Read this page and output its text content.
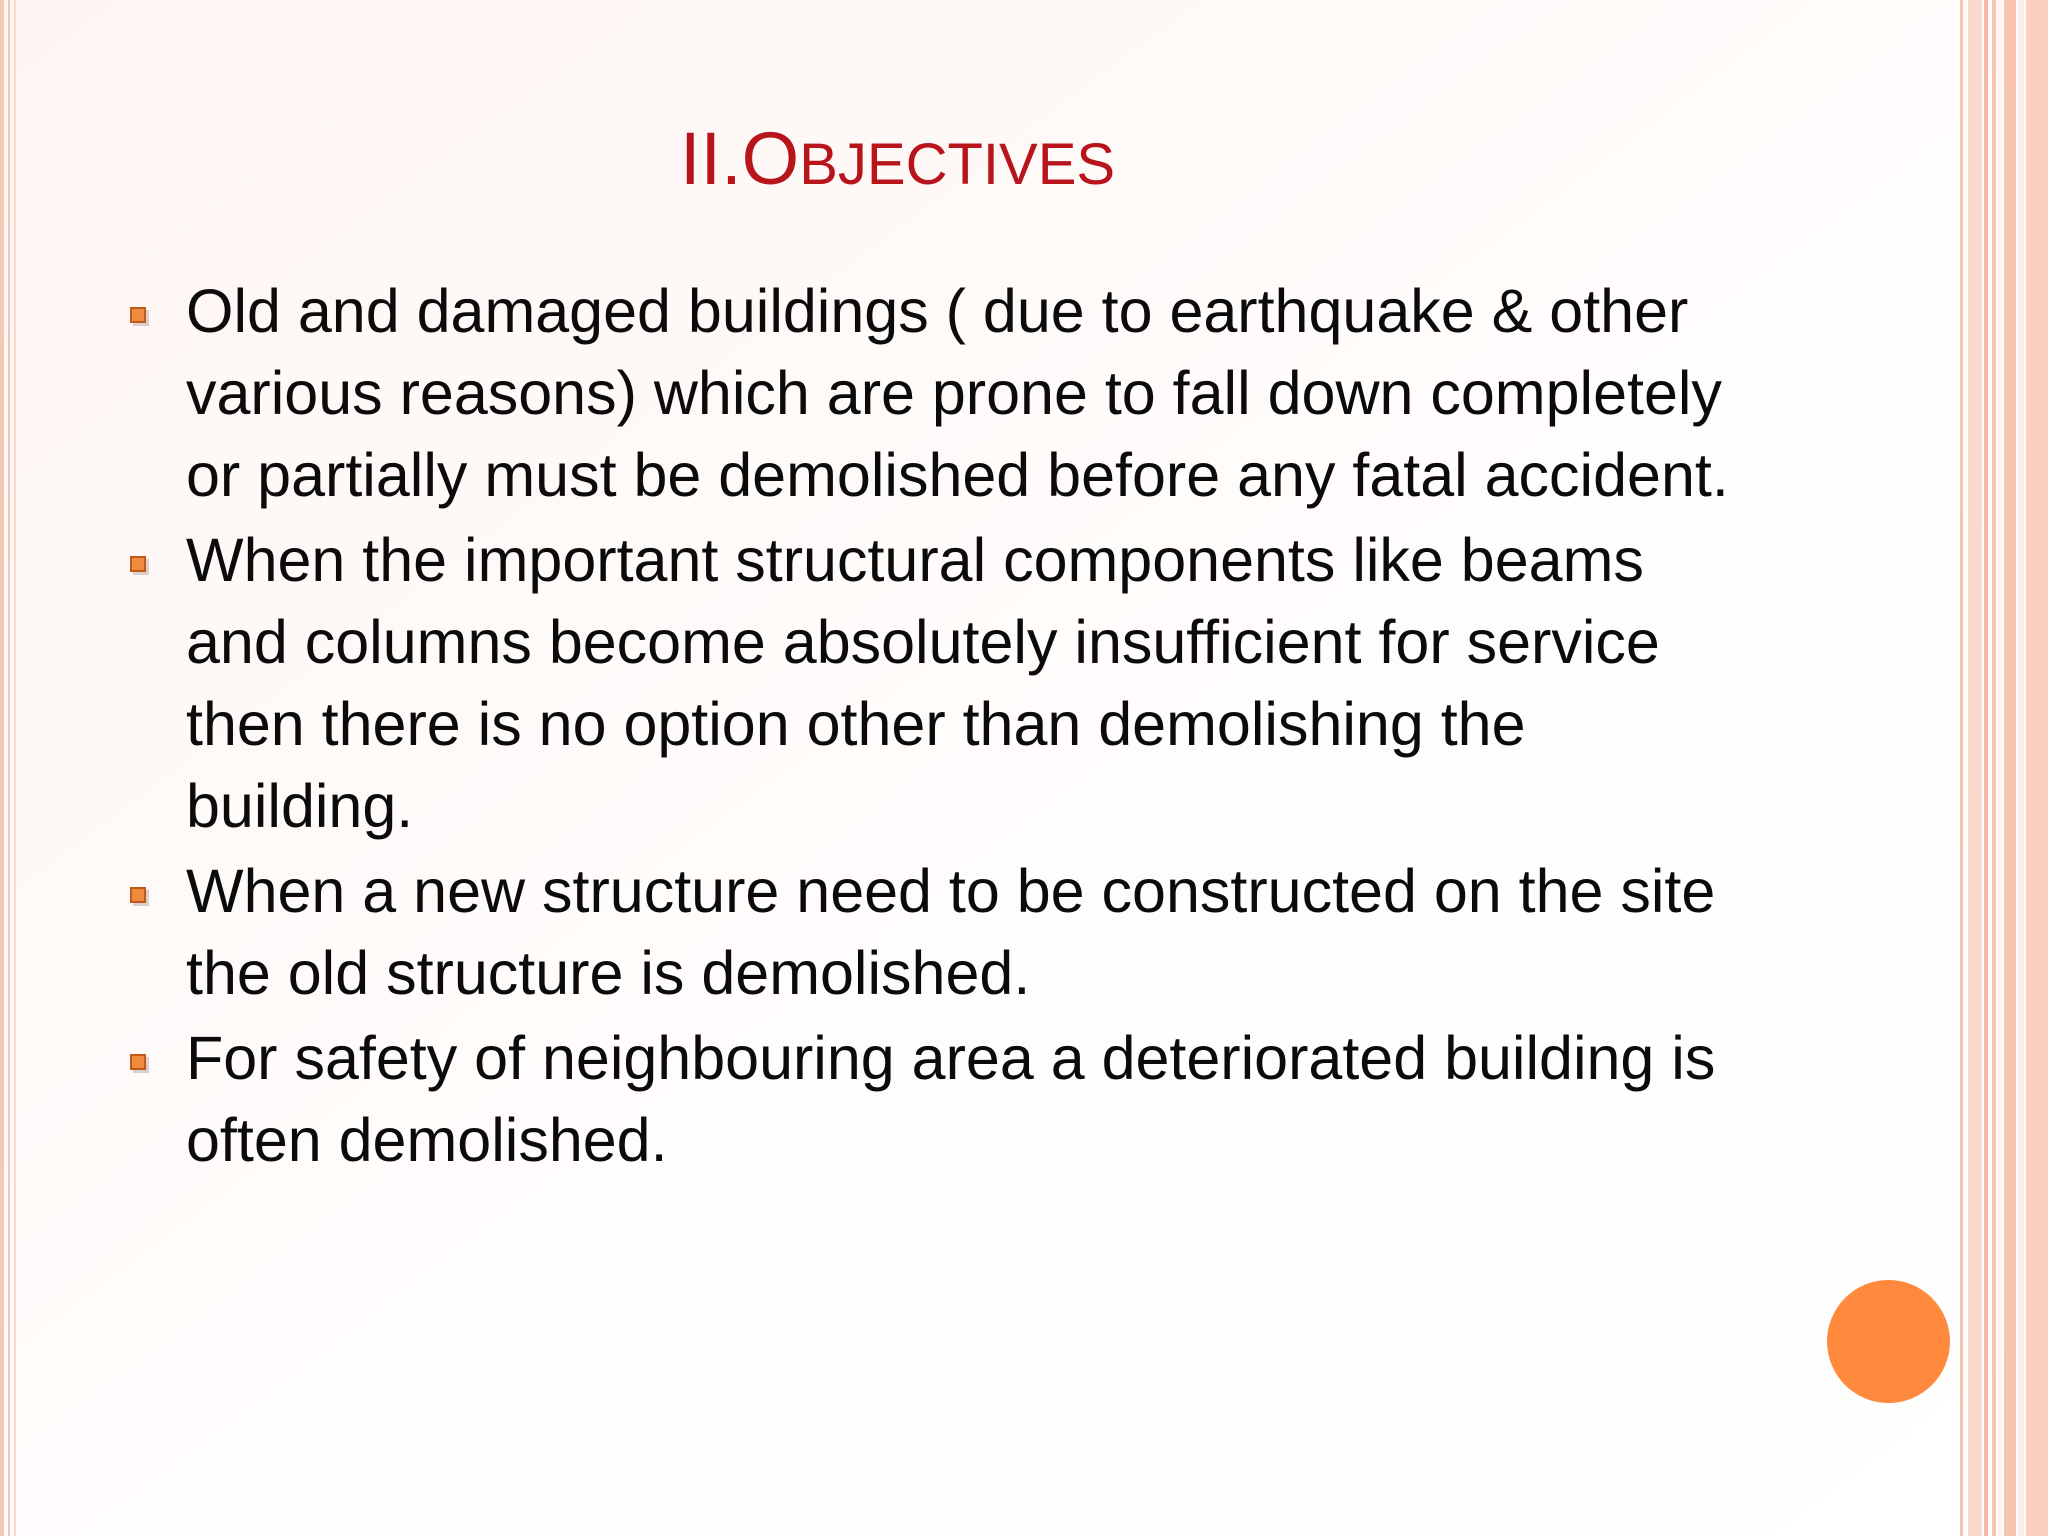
II.OBJECTIVES
Old and damaged buildings ( due to earthquake & other various reasons) which are prone to fall down completely or partially must be demolished before any fatal accident.
When the important structural components like beams and columns become absolutely insufficient for service then there is no option other than demolishing the building.
When a new structure need to be constructed on the site the old structure is demolished.
For safety of neighbouring area a deteriorated building is often demolished.
